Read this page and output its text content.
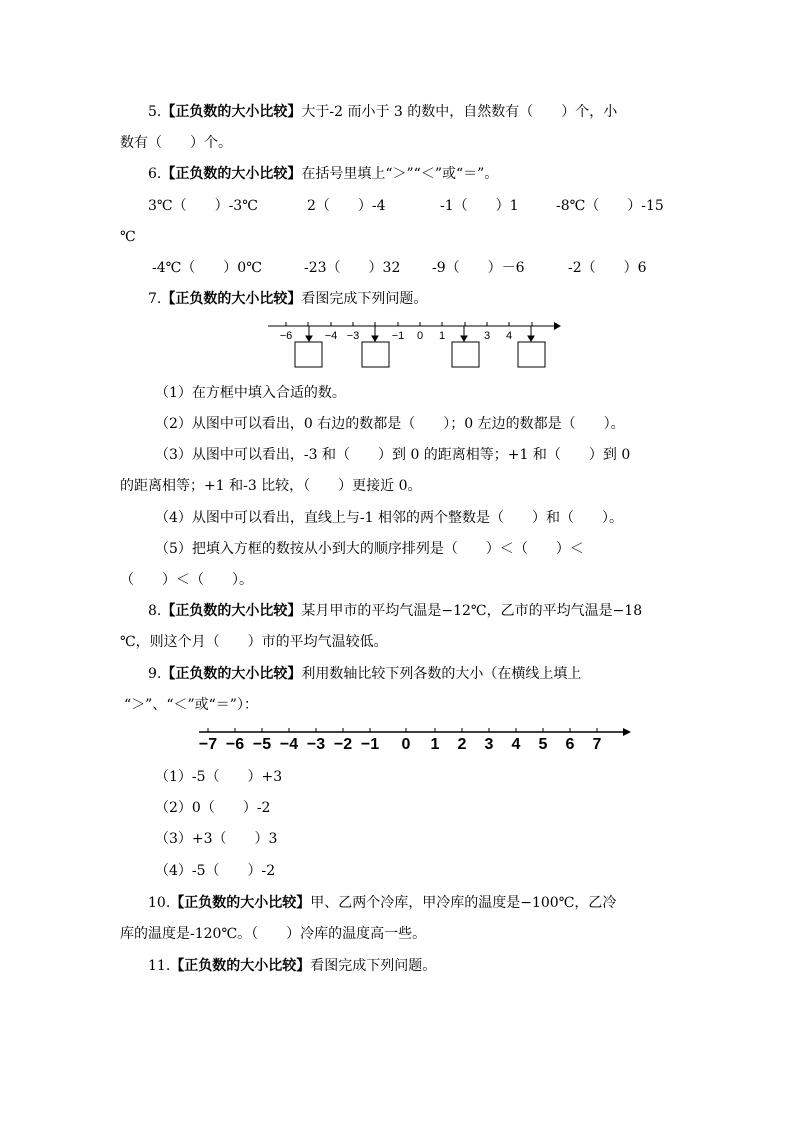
5.【正负数的大小比较】大于-2 而小于 3 的数中，自然数有（　　）个，小
数有（　　）个。
6.【正负数的大小比较】在括号里填上“＞”“＜”或“＝”。
3℃（　　）-3℃	2（　　）-4	-1（　　）1	-8℃（　　）-15
℃
-4℃（　　）0℃	-23（　　）32 -9（　　）－6	-2（　　）6
7.【正负数的大小比较】看图完成下列问题。
−6	−4 −3	−1 0 1	3 4
（1）在方框中填入合适的数。
（2）从图中可以看出，0 右边的数都是（　　）；0 左边的数都是（　　）。
（3）从图中可以看出，-3 和（　　）到 0 的距离相等；+1 和（　　）到 0
的距离相等；+1 和-3 比较，（　　）更接近 0。
（4）从图中可以看出，直线上与-1 相邻的两个整数是（　　）和（　　）。
（5）把填入方框的数按从小到大的顺序排列是（　　）＜（　　）＜
（　　）＜（　　）。
8.【正负数的大小比较】某月甲市的平均气温是−12℃，乙市的平均气温是−18
℃，则这个月（　　）市的平均气温较低。
9.【正负数的大小比较】利用数轴比较下列各数的大小（在横线上填上
“＞”、“＜”或“＝”）：
−7 −6 −5 −4 −3 −2 −1 0 1 2 3 4 5 6 7
（1）-5（　　）+3
（2）0（　　）-2
（3）+3（　　）3
（4）-5（　　）-2
10.【正负数的大小比较】甲、乙两个冷库，甲冷库的温度是−100℃，乙冷
库的温度是-120℃。（　　）冷库的温度高一些。
11.【正负数的大小比较】看图完成下列问题。
